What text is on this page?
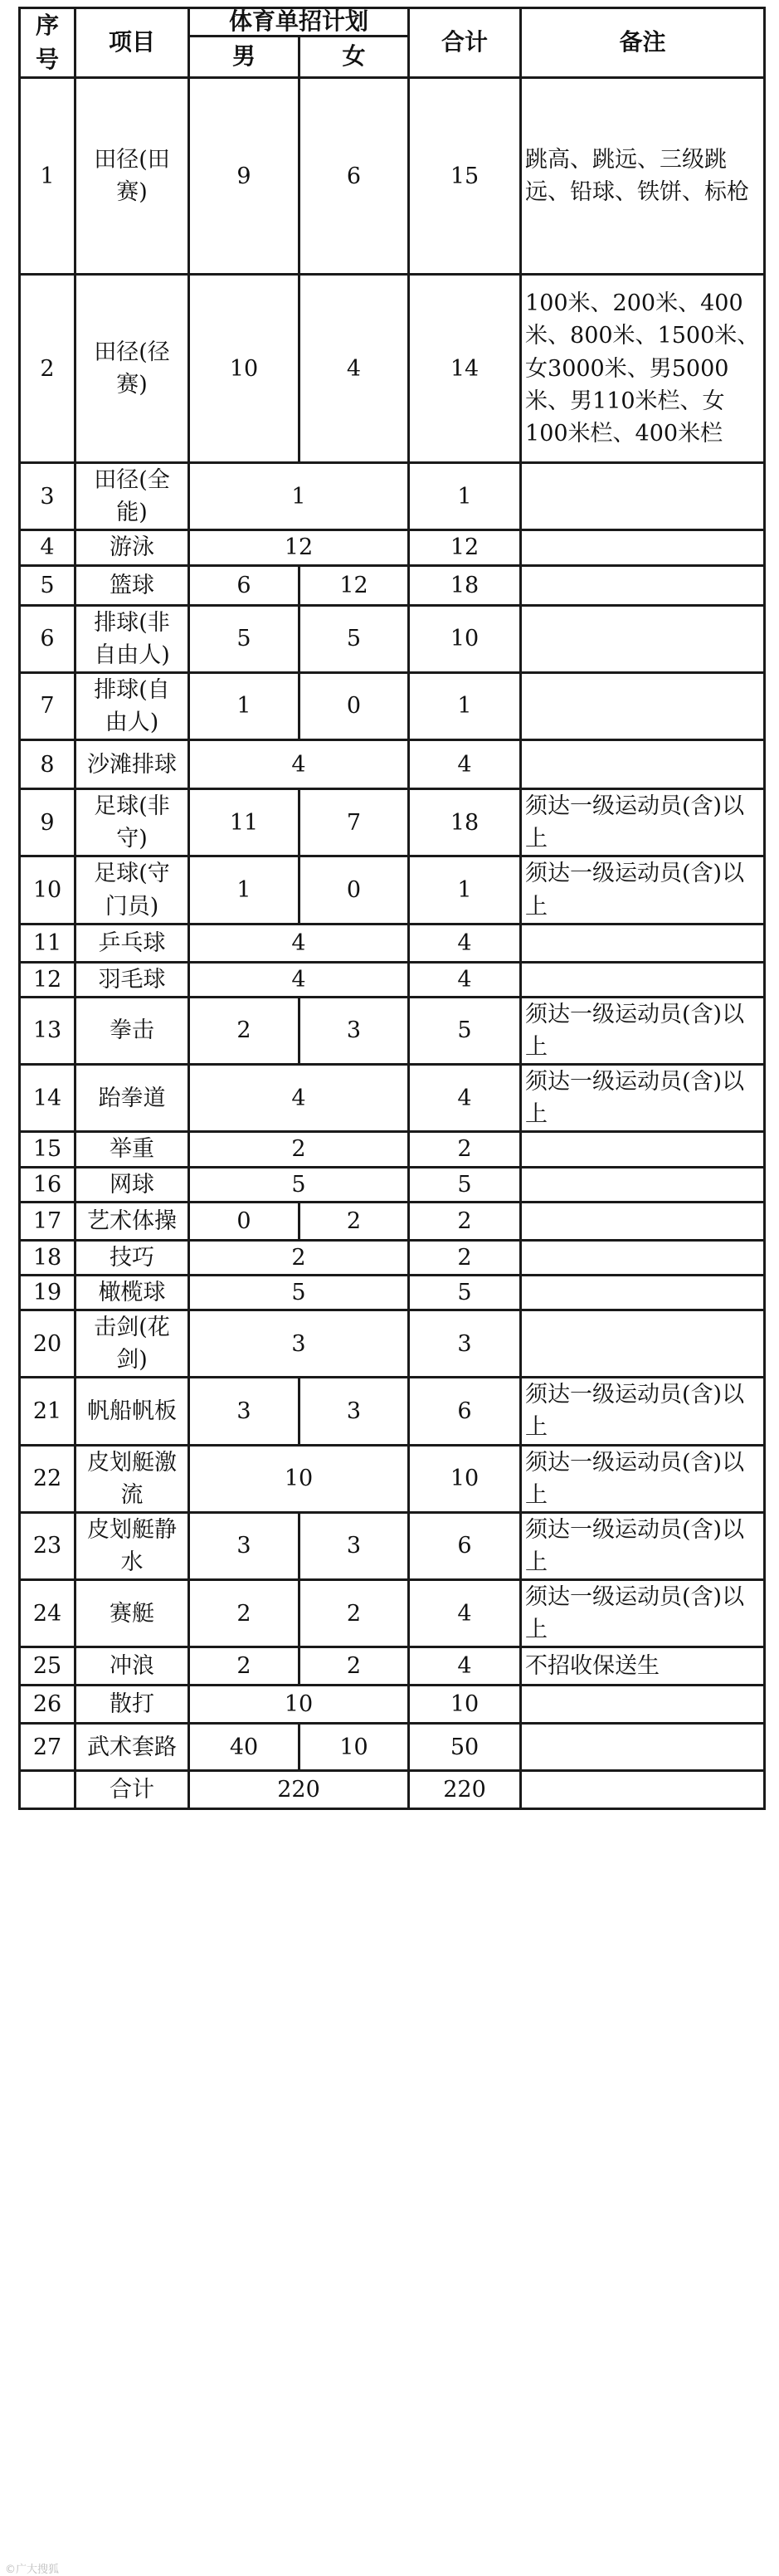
序号	项目	体育单招计划		合计	备注
		男	女		
1	田径(田赛)	9	6	15	跳高、跳远、三级跳远、铅球、铁饼、标枪
2	田径(径赛)	10	4	14	100米、200米、400米、800米、1500米、女3000米、男5000米、男110米栏、女100米栏、400米栏
3	田径(全能)	1		1	
4	游泳	12		12	
5	篮球	6	12	18	
6	排球(非自由人)	5	5	10	
7	排球(自由人)	1	0	1	
8	沙滩排球	4		4	
9	足球(非守)	11	7	18	须达一级运动员(含)以上
10	足球(守门员)	1	0	1	须达一级运动员(含)以上
11	乒乓球	4		4	
12	羽毛球	4		4	
13	拳击	2	3	5	须达一级运动员(含)以上
14	跆拳道	4		4	须达一级运动员(含)以上
15	举重	2		2	
16	网球	5		5	
17	艺术体操	0	2	2	
18	技巧	2		2	
19	橄榄球	5		5	
20	击剑(花剑)	3		3	
21	帆船帆板	3	3	6	须达一级运动员(含)以上
22	皮划艇激流	10		10	须达一级运动员(含)以上
23	皮划艇静水	3	3	6	须达一级运动员(含)以上
24	赛艇	2	2	4	须达一级运动员(含)以上
25	冲浪	2	2	4	不招收保送生
26	散打	10		10	
27	武术套路	40	10	50	
	合计	220		220	
©广大搜狐
